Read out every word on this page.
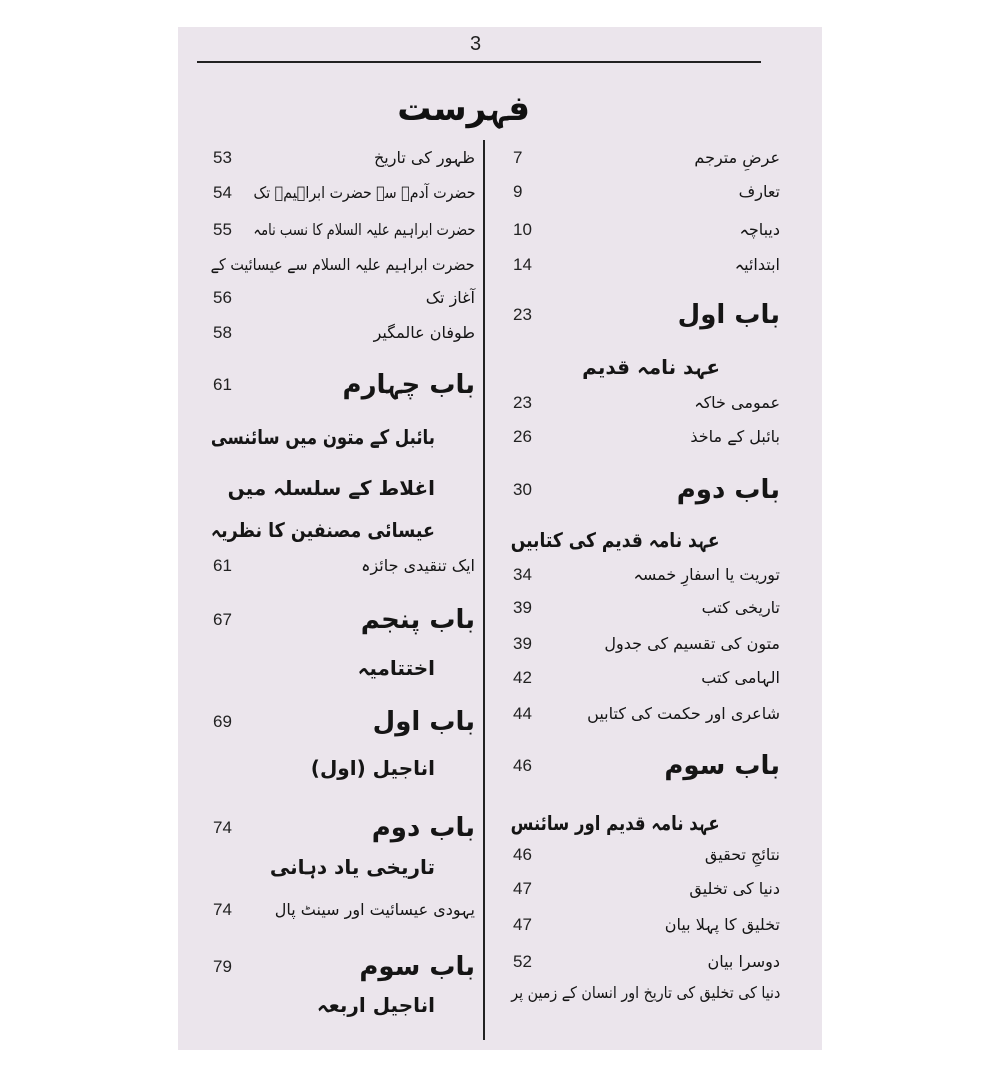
3
فہرست
عرضِ مترجم
7
تعارف
9
دیباچہ
10
ابتدائیہ
14
باب اول
23
عہد نامہ قدیم
عمومی خاکہ
23
بائبل کے ماخذ
26
باب دوم
30
عہد نامہ قدیم کی کتابیں
توریت یا اسفارِ خمسہ
34
تاریخی کتب
39
متون کی تقسیم کی جدول
39
الہامی کتب
42
شاعری اور حکمت کی کتابیں
44
باب سوم
46
عہد نامہ قدیم اور سائنس
نتائجِ تحقیق
46
دنیا کی تخلیق
47
تخلیق کا پہلا بیان
47
دوسرا بیان
52
دنیا کی تخلیق کی تاریخ اور انسان کے زمین پر
ظہور کی تاریخ
53
حضرت آدمؑ سے حضرت ابراہیمؑ تک
54
حضرت ابراہیم علیہ السلام کا نسب نامہ
55
حضرت ابراہیم علیہ السلام سے عیسائیت کے
آغاز تک
56
طوفان عالمگیر
58
باب چہارم
61
بائبل کے متون میں سائنسی
اغلاط کے سلسلہ میں
عیسائی مصنفین کا نظریہ
ایک تنقیدی جائزہ
61
باب پنجم
67
اختتامیہ
باب اول
69
اناجیل (اول)
باب دوم
74
تاریخی یاد دہانی
یہودی عیسائیت اور سینٹ پال
74
باب سوم
79
اناجیل اربعہ
